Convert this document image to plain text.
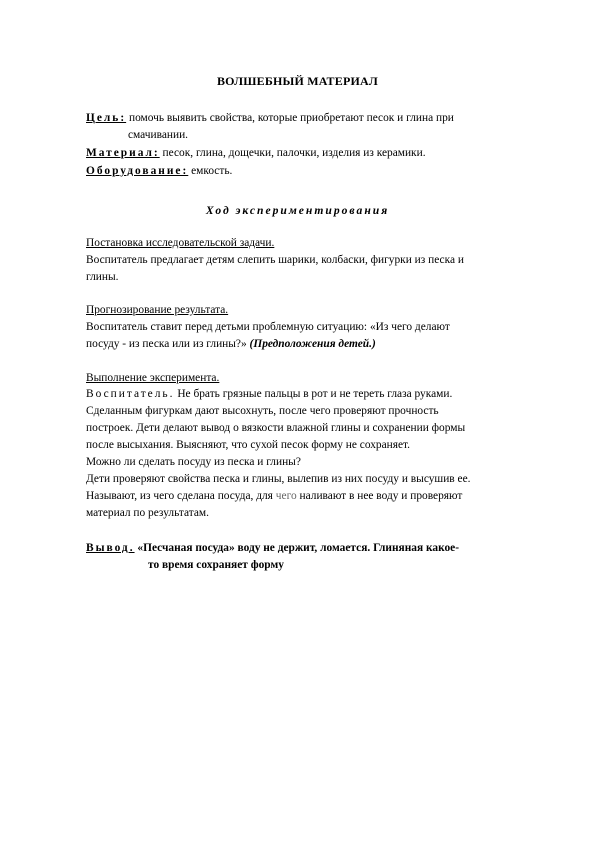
ВОЛШЕБНЫЙ МАТЕРИАЛ
Цель: помочь выявить свойства, которые приобретают песок и глина при
смачивании.
Материал: песок, глина, дощечки, палочки, изделия из керамики.
Оборудование: емкость.
Ход экспериментирования
Постановка исследовательской задачи.
Воспитатель предлагает детям слепить шарики, колбаски, фигурки из песка и
глины.
Прогнозирование результата.
Воспитатель ставит перед детьми проблемную ситуацию: «Из чего делают
посуду - из песка или из глины?» (Предположения детей.)
Выполнение эксперимента.
Воспитатель. Не брать грязные пальцы в рот и не тереть глаза руками.
Сделанным фигуркам дают высохнуть, после чего проверяют прочность
построек. Дети делают вывод о вязкости влажной глины и сохранении формы
после высыхания. Выясняют, что сухой песок форму не сохраняет.
Можно ли сделать посуду из песка и глины?
Дети проверяют свойства песка и глины, вылепив из них посуду и высушив ее.
Называют, из чего сделана посуда, для чего наливают в нее воду и проверяют
материал по результатам.
Вывод. «Песчаная посуда» воду не держит, ломается. Глиняная какое-
то время сохраняет форму
